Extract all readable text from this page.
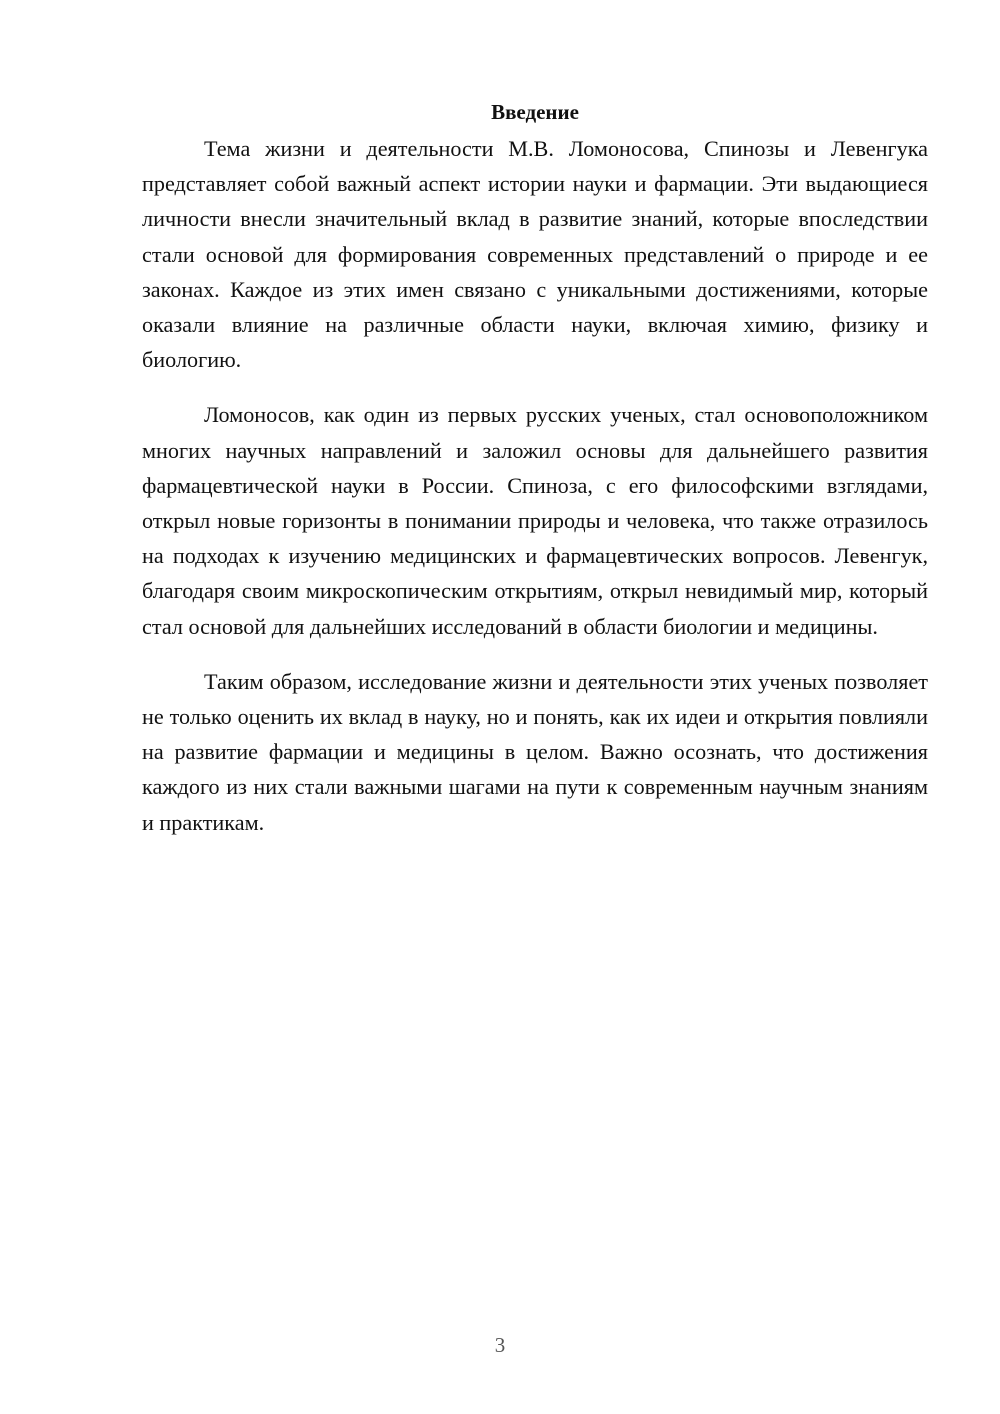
Введение

Тема жизни и деятельности М.В. Ломоносова, Спинозы и Левенгука представляет собой важный аспект истории науки и фармации. Эти выдающиеся личности внесли значительный вклад в развитие знаний, которые впоследствии стали основой для формирования современных представлений о природе и ее законах. Каждое из этих имен связано с уникальными достижениями, которые оказали влияние на различные области науки, включая химию, физику и биологию.

Ломоносов, как один из первых русских ученых, стал основоположником многих научных направлений и заложил основы для дальнейшего развития фармацевтической науки в России. Спиноза, с его философскими взглядами, открыл новые горизонты в понимании природы и человека, что также отразилось на подходах к изучению медицинских и фармацевтических вопросов. Левенгук, благодаря своим микроскопическим открытиям, открыл невидимый мир, который стал основой для дальнейших исследований в области биологии и медицины.

Таким образом, исследование жизни и деятельности этих ученых позволяет не только оценить их вклад в науку, но и понять, как их идеи и открытия повлияли на развитие фармации и медицины в целом. Важно осознать, что достижения каждого из них стали важными шагами на пути к современным научным знаниям и практикам.

3
